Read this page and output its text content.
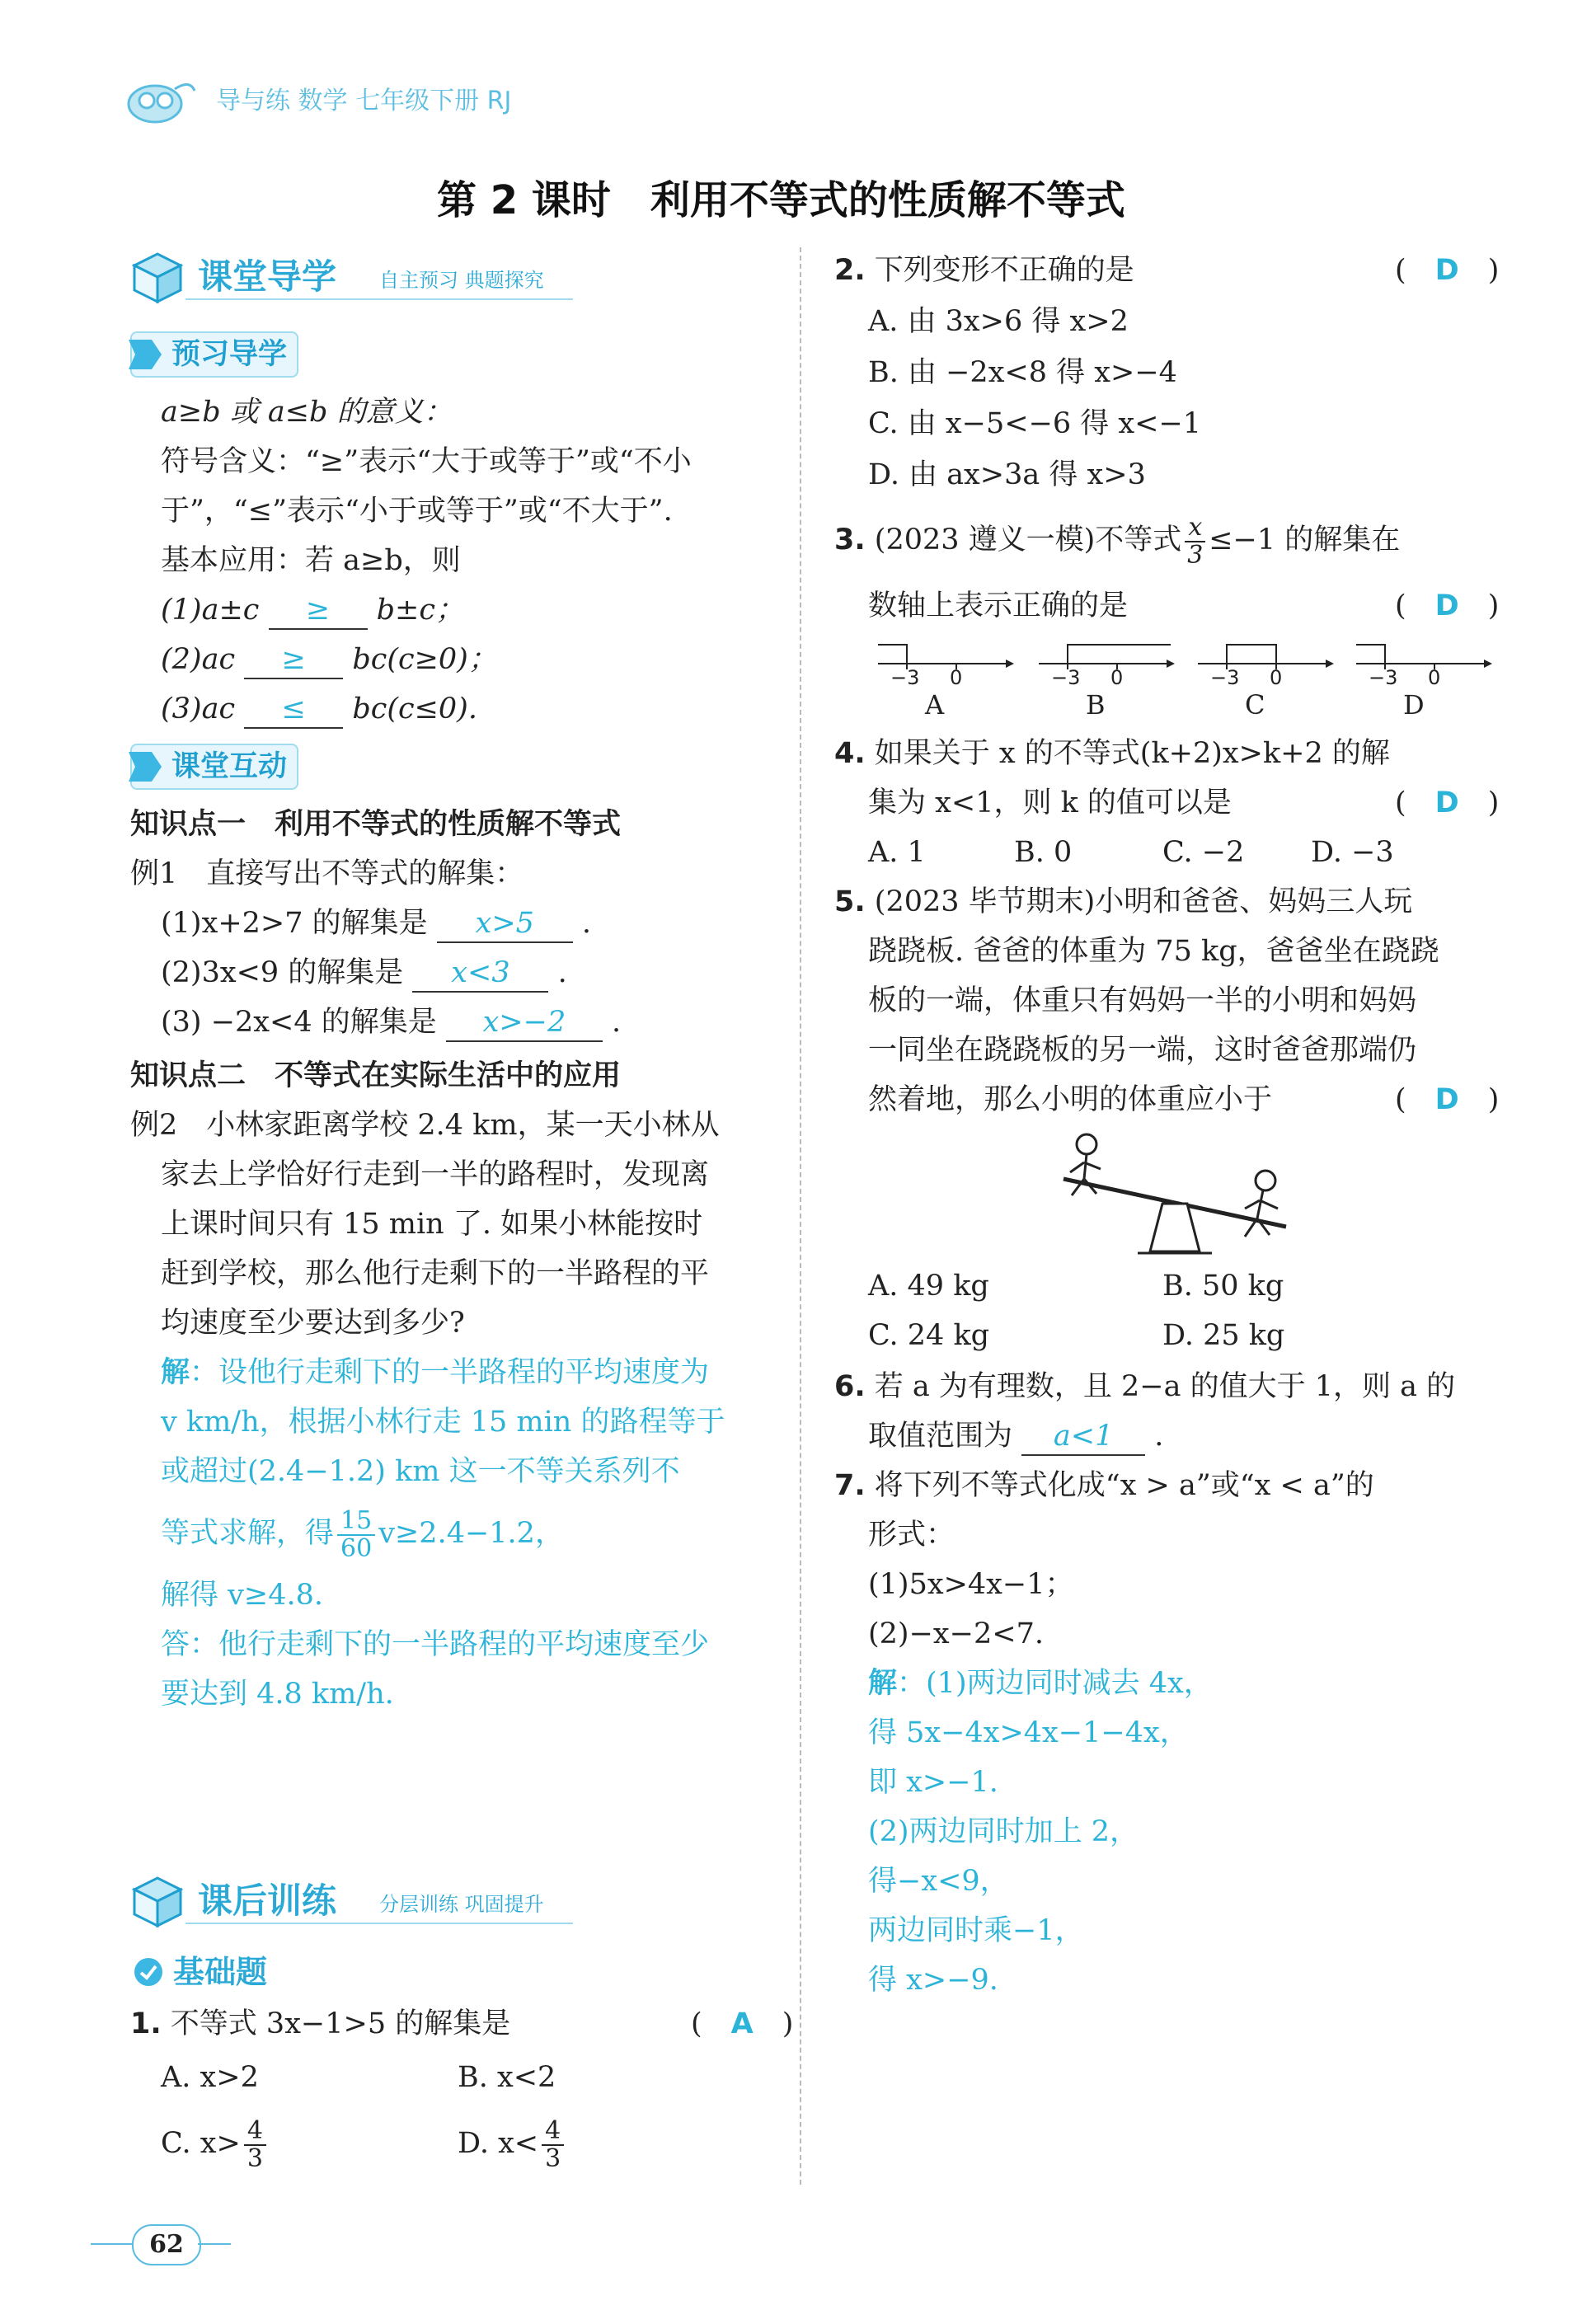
导与练 数学 七年级下册 RJ
第 2 课时　利用不等式的性质解不等式
课堂导学 自主预习 典题探究
预习导学
a≥b 或 a≤b 的意义：
符号含义：“≥”表示“大于或等于”或“不小
于”，“≤”表示“小于或等于”或“不大于”.
基本应用：若 a≥b，则
(1)a±c ≥ b±c；
(2)ac ≥ bc(c≥0)；
(3)ac ≤ bc(c≤0).
课堂互动
知识点一　利用不等式的性质解不等式
例1　直接写出不等式的解集：
(1)x+2>7 的解集是 x>5 .
(2)3x<9 的解集是 x<3 .
(3) −2x<4 的解集是 x>−2 .
知识点二　不等式在实际生活中的应用
例2　小林家距离学校 2.4 km，某一天小林从
家去上学恰好行走到一半的路程时，发现离
上课时间只有 15 min 了. 如果小林能按时
赶到学校，那么他行走剩下的一半路程的平
均速度至少要达到多少?
解：设他行走剩下的一半路程的平均速度为
v km/h，根据小林行走 15 min 的路程等于
或超过(2.4−1.2) km 这一不等关系列不
等式求解，得 $\frac{15}{60} v\ge 2.4-1.2$，
解得 v≥4.8.
答：他行走剩下的一半路程的平均速度至少
要达到 4.8 km/h.
课后训练 分层训练 巩固提升
基础题
1. 不等式 3x−1>5 的解集是	(　A　)
A. x>2	B. x<2
C. $x> \frac{4}{3}$	D. $x< \frac{4}{3}$
2. 下列变形不正确的是	(　D　)
A. 由 3x>6 得 x>2
B. 由 −2x<8 得 x>−4
C. 由 x−5<−6 得 x<−1
D. 由 ax>3a 得 x>3
3. (2023 遵义一模)不等式 $\frac{x}{3} \le-1$ 的解集在
数轴上表示正确的是	(　D　)
−3 0
A
−3 0
B
−3 0
C
−3 0
D
4. 如果关于 x 的不等式(k+2)x>k+2 的解
集为 x<1，则 k 的值可以是	(　D　)
A. 1	B. 0	C. −2 D. −3
5. (2023 毕节期末)小明和爸爸、妈妈三人玩
跷跷板. 爸爸的体重为 75 kg，爸爸坐在跷跷
板的一端，体重只有妈妈一半的小明和妈妈
一同坐在跷跷板的另一端，这时爸爸那端仍
然着地，那么小明的体重应小于	(　D　)
A. 49 kg	B. 50 kg
C. 24 kg	D. 25 kg
6. 若 a 为有理数，且 2−a 的值大于 1，则 a 的
取值范围为 a<1 .
7. 将下列不等式化成“x > a”或“x < a”的
形式：
(1)5x>4x−1；
(2)−x−2<7.
解：(1)两边同时减去 4x，
得 5x−4x>4x−1−4x，
即 x>−1.
(2)两边同时加上 2，
得−x<9，
两边同时乘−1，
得 x>−9.
62
